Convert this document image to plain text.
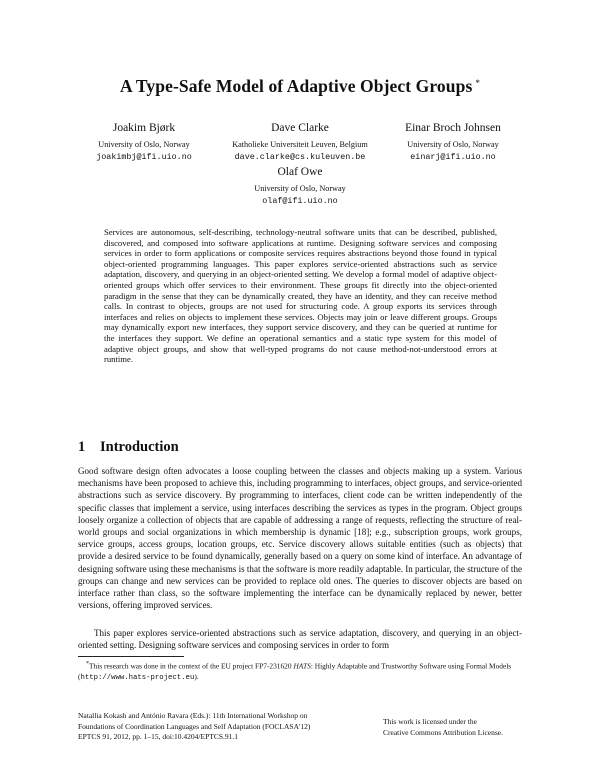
A Type-Safe Model of Adaptive Object Groups *
Joakim Bjørk
University of Oslo, Norway
joakimbj@ifi.uio.no
Dave Clarke
Katholieke Universiteit Leuven, Belgium
dave.clarke@cs.kuleuven.be
Einar Broch Johnsen
University of Oslo, Norway
einarj@ifi.uio.no
Olaf Owe
University of Oslo, Norway
olaf@ifi.uio.no
Services are autonomous, self-describing, technology-neutral software units that can be described, published, discovered, and composed into software applications at runtime. Designing software services and composing services in order to form applications or composite services requires abstractions beyond those found in typical object-oriented programming languages. This paper explores service-oriented abstractions such as service adaptation, discovery, and querying in an object-oriented setting. We develop a formal model of adaptive object-oriented groups which offer services to their environment. These groups fit directly into the object-oriented paradigm in the sense that they can be dynamically created, they have an identity, and they can receive method calls. In contrast to objects, groups are not used for structuring code. A group exports its services through interfaces and relies on objects to implement these services. Objects may join or leave different groups. Groups may dynamically export new interfaces, they support service discovery, and they can be queried at runtime for the interfaces they support. We define an operational semantics and a static type system for this model of adaptive object groups, and show that well-typed programs do not cause method-not-understood errors at runtime.
1 Introduction
Good software design often advocates a loose coupling between the classes and objects making up a system. Various mechanisms have been proposed to achieve this, including programming to interfaces, object groups, and service-oriented abstractions such as service discovery. By programming to interfaces, client code can be written independently of the specific classes that implement a service, using interfaces describing the services as types in the program. Object groups loosely organize a collection of objects that are capable of addressing a range of requests, reflecting the structure of real-world groups and social organizations in which membership is dynamic [18]; e.g., subscription groups, work groups, service groups, access groups, location groups, etc. Service discovery allows suitable entities (such as objects) that provide a desired service to be found dynamically, generally based on a query on some kind of interface. An advantage of designing software using these mechanisms is that the software is more readily adaptable. In particular, the structure of the groups can change and new services can be provided to replace old ones. The queries to discover objects are based on interface rather than class, so the software implementing the interface can be dynamically replaced by newer, better versions, offering improved services.
This paper explores service-oriented abstractions such as service adaptation, discovery, and querying in an object-oriented setting. Designing software services and composing services in order to form
*This research was done in the context of the EU project FP7-231620 HATS: Highly Adaptable and Trustworthy Software using Formal Models (http://www.hats-project.eu).
Natallia Kokash and António Ravara (Eds.): 11th International Workshop on
Foundations of Coordination Languages and Self Adaptation (FOCLASA'12)
EPTCS 91, 2012, pp. 1–15, doi:10.4204/EPTCS.91.1
This work is licensed under the
Creative Commons Attribution License.
